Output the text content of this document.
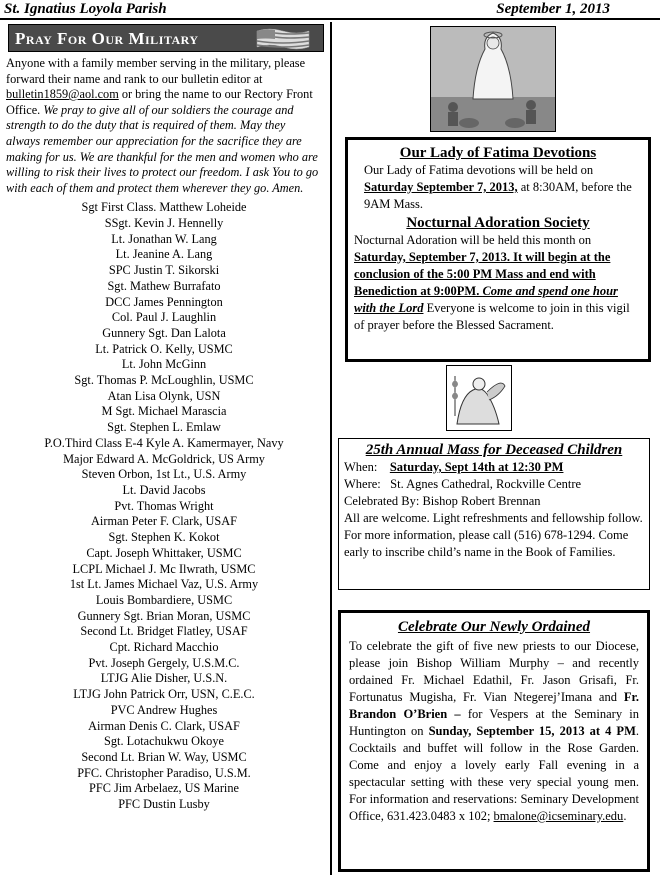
St. Ignatius Loyola Parish	September 1, 2013
Pray For Our Military

Anyone with a family member serving in the military, please forward their name and rank to our bulletin editor at bulletin1859@aol.com or bring the name to our Rectory Front Office. We pray to give all of our soldiers the courage and strength to do the duty that is required of them. May they always remember our appreciation for the sacrifice they are making for us. We are thankful for the men and women who are willing to risk their lives to protect our freedom. I ask You to go with each of them and protect them wherever they go. Amen.

Sgt First Class. Matthew Loheide
SSgt. Kevin J. Hennelly
Lt. Jonathan W. Lang
Lt. Jeanine A. Lang
SPC Justin T. Sikorski
Sgt. Mathew Burrafato
DCC James Pennington
Col. Paul J. Laughlin
Gunnery Sgt. Dan Lalota
Lt. Patrick O. Kelly, USMC
Lt. John McGinn
Sgt. Thomas P. McLoughlin, USMC
Atan Lisa Olynk, USN
M Sgt. Michael Marascia
Sgt. Stephen L. Emlaw
P.O.Third Class E-4 Kyle A. Kamermayer, Navy
Major Edward A. McGoldrick, US Army
Steven Orbon, 1st Lt., U.S. Army
Lt. David Jacobs
Pvt. Thomas Wright
Airman Peter F. Clark, USAF
Sgt. Stephen K. Kokot
Capt. Joseph Whittaker, USMC
LCPL Michael J. Mc Ilwrath, USMC
1st Lt. James Michael Vaz, U.S. Army
Louis Bombardiere, USMC
Gunnery Sgt. Brian Moran, USMC
Second Lt. Bridget Flatley, USAF
Cpt. Richard Macchio
Pvt. Joseph Gergely, U.S.M.C.
LTJG Alie Disher, U.S.N.
LTJG John Patrick Orr, USN, C.E.C.
PVC Andrew Hughes
Airman Denis C. Clark, USAF
Sgt. Lotachukwu Okoye
Second Lt. Brian W. Way, USMC
PFC. Christopher Paradiso, U.S.M.
PFC Jim Arbelaez, US Marine
PFC Dustin Lusby
Our Lady of Fatima Devotions

Our Lady of Fatima devotions will be held on Saturday September 7, 2013, at 8:30AM, before the 9AM Mass.

Nocturnal Adoration Society

Nocturnal Adoration will be held this month on Saturday, September 7, 2013. It will begin at the conclusion of the 5:00 PM Mass and end with Benediction at 9:00PM. Come and spend one hour with the Lord Everyone is welcome to join in this vigil of prayer before the Blessed Sacrament.

25th Annual Mass for Deceased Children

When: Saturday, Sept 14th at 12:30 PM

Where: St. Agnes Cathedral, Rockville Centre

Celebrated By: Bishop Robert Brennan

All are welcome. Light refreshments and fellowship follow. For more information, please call (516) 678-1294. Come early to inscribe child’s name in the Book of Families.

Celebrate Our Newly Ordained

To celebrate the gift of five new priests to our Diocese, please join Bishop William Murphy – and recently ordained Fr. Michael Edathil, Fr. Jason Grisafi, Fr. Fortunatus Mugisha, Fr. Vian Ntegerej’Imana and Fr. Brandon O’Brien – for Vespers at the Seminary in Huntington on Sunday, September 15, 2013 at 4 PM. Cocktails and buffet will follow in the Rose Garden. Come and enjoy a lovely early Fall evening in a spectacular setting with these very special young men. For information and reservations: Seminary Development Office, 631.423.0483 x 102; bmalone@icseminary.edu.
